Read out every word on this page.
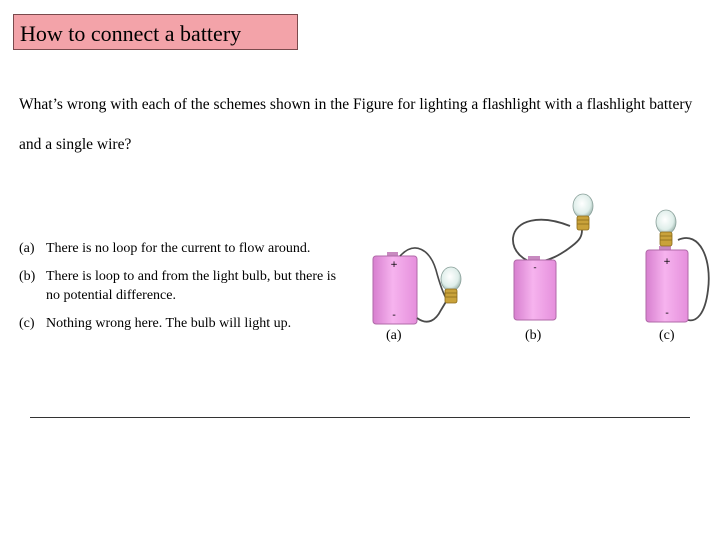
How to connect a battery

What’s wrong with each of the schemes shown in the Figure for lighting a flashlight with a flashlight battery and a single wire?

(a) There is no loop for the current to flow around.
(b) There is loop to and from the light bulb, but there is no potential difference.
(c) Nothing wrong here. The bulb will light up.
+
-
-
+
-
(a)	(b)	(c)
